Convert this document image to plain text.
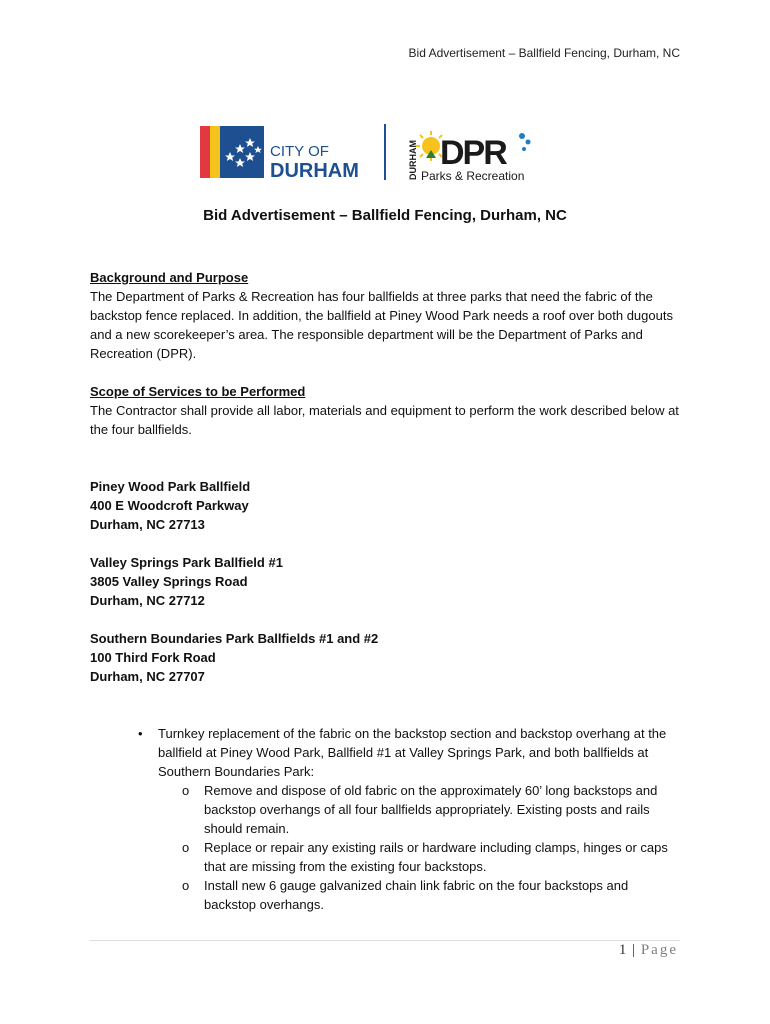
Bid Advertisement – Ballfield Fencing, Durham, NC
CITY OF
DURHAM	DURHAM DPR
Parks & Recreation
Bid Advertisement – Ballfield Fencing, Durham, NC

Background and Purpose

The Department of Parks & Recreation has four ballfields at three parks that need the fabric of the backstop fence replaced. In addition, the ballfield at Piney Wood Park needs a roof over both dugouts and a new scorekeeper’s area. The responsible department will be the Department of Parks and Recreation (DPR).

Scope of Services to be Performed

The Contractor shall provide all labor, materials and equipment to perform the work described below at the four ballfields.

Piney Wood Park Ballfield

400 E Woodcroft Parkway

Durham, NC 27713

Valley Springs Park Ballfield #1

3805 Valley Springs Road

Durham, NC 27712

Southern Boundaries Park Ballfields #1 and #2

100 Third Fork Road

Durham, NC 27707

• Turnkey replacement of the fabric on the backstop section and backstop overhang at the ballfield at Piney Wood Park, Ballfield #1 at Valley Springs Park, and both ballfields at Southern Boundaries Park:
o Remove and dispose of old fabric on the approximately 60’ long backstops and backstop overhangs of all four ballfields appropriately. Existing posts and rails should remain.
o Replace or repair any existing rails or hardware including clamps, hinges or caps that are missing from the existing four backstops.
o Install new 6 gauge galvanized chain link fabric on the four backstops and backstop overhangs.
1 | Page
